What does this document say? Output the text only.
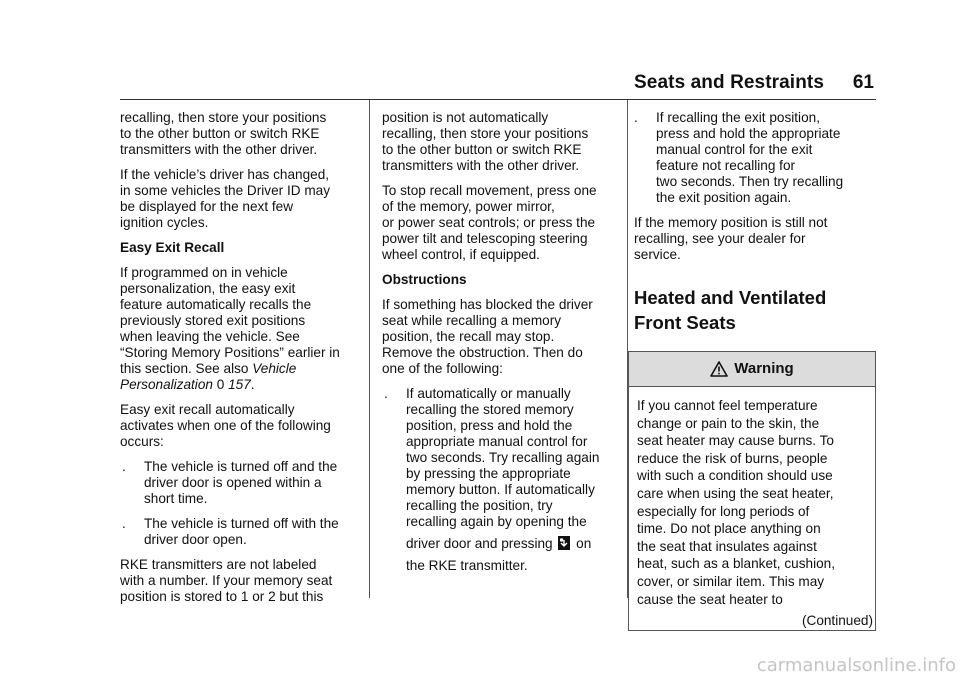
Seats and Restraints 61

recalling, then store your positions
to the other button or switch RKE
transmitters with the other driver.

If the vehicle’s driver has changed,
in some vehicles the Driver ID may
be displayed for the next few
ignition cycles.

Easy Exit Recall

If programmed on in vehicle
personalization, the easy exit
feature automatically recalls the
previously stored exit positions
when leaving the vehicle. See
“Storing Memory Positions” earlier in
this section. See also Vehicle
Personalization 0 157.

Easy exit recall automatically
activates when one of the following
occurs:

. The vehicle is turned off and the
driver door is opened within a
short time.
. The vehicle is turned off with the
driver door open.

RKE transmitters are not labeled
with a number. If your memory seat
position is stored to 1 or 2 but this

position is not automatically
recalling, then store your positions
to the other button or switch RKE
transmitters with the other driver.

To stop recall movement, press one
of the memory, power mirror,
or power seat controls; or press the
power tilt and telescoping steering
wheel control, if equipped.

Obstructions

If something has blocked the driver
seat while recalling a memory
position, the recall may stop.
Remove the obstruction. Then do
one of the following:

. If automatically or manually
recalling the stored memory
position, press and hold the
appropriate manual control for
two seconds. Try recalling again
by pressing the appropriate
memory button. If automatically
recalling the position, try
recalling again by opening the
driver door and pressing on
the RKE transmitter.
. If recalling the exit position,
press and hold the appropriate
manual control for the exit
feature not recalling for
two seconds. Then try recalling
the exit position again.

If the memory position is still not
recalling, see your dealer for
service.

Heated and Ventilated
Front Seats
Warning
If you cannot feel temperature
change or pain to the skin, the
seat heater may cause burns. To
reduce the risk of burns, people
with such a condition should use
care when using the seat heater,
especially for long periods of
time. Do not place anything on
the seat that insulates against
heat, such as a blanket, cushion,
cover, or similar item. This may
cause the seat heater to
(Continued)
carmanualsonline.info
